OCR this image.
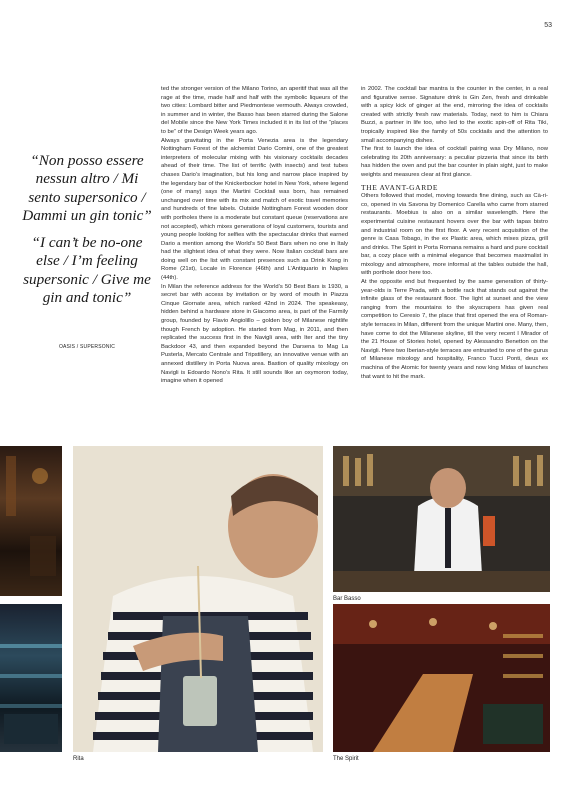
53

“Non posso essere nessun altro / Mi sento supersonico / Dammi un gin tonic”

“I can’t be no-one else / I’m feeling supersonic / Give me gin and tonic”

OASIS / SUPERSONIC

ted the stronger version of the Milano Torino, an aperitif that was all the rage at the time, made half and half with the symbolic liqueurs of the two cities: Lombard bitter and Piedmontese vermouth. Always crowded, in summer and in winter, the Basso has been starred during the Salone del Mobile since the New York Times included it in its list of the “places to be” of the Design Week years ago.

Always gravitating in the Porta Venezia area is the legendary Nottingham Forest of the alchemist Dario Comini, one of the greatest interpreters of molecular mixing with his visionary cocktails decades ahead of their time. The list of terrific (with insects) and test tubes chases Dario’s imagination, but his long and narrow place inspired by the legendary bar of the Knickerbocker hotel in New York, where legend (one of many) says the Martini Cocktail was born, has remained unchanged over time with its mix and match of exotic travel memories and hundreds of fine labels. Outside Nottingham Forest wooden door with portholes there is a moderate but constant queue (reservations are not accepted), which mixes generations of loyal customers, tourists and young people looking for selfies with the spectacular drinks that earned Dario a mention among the World’s 50 Best Bars when no one in Italy had the slightest idea of what they were. Now Italian cocktail bars are doing well on the list with constant presences such as Drink Kong in Rome (21st), Locale in Florence (46th) and L’Antiquario in Naples (44th).

In Milan the reference address for the World’s 50 Best Bars is 1930, a secret bar with access by invitation or by word of mouth in Piazza Cinque Giornate area, which ranked 42nd in 2024. The speakeasy, hidden behind a hardware store in Giacomo area, is part of the Farmily group, founded by Flavio Angiolillo – golden boy of Milanese nightlife though French by adoption. He started from Mag, in 2011, and then replicated the success first in the Navigli area, with Iter and the tiny Backdoor 43, and then expanded beyond the Darsena to Mag La Pusterla, Mercato Centrale and Tripstillery, an innovative venue with an annexed distillery in Porta Nuova area. Bastion of quality mixology on Navigli is Edoardo Nono’s Rita. It still sounds like an oxymoron today, imagine when it opened

in 2002. The cocktail bar mantra is the counter in the center, in a real and figurative sense. Signature drink is Gin Zen, fresh and drinkable with a spicy kick of ginger at the end, mirroring the idea of cocktails created with strictly fresh raw materials. Today, next to him is Chiara Buzzi, a partner in life too, who led to the exotic spin-off of Rita Tiki, tropically inspired like the family of 50s cocktails and the attention to small accompanying dishes.

The first to launch the idea of cocktail pairing was Dry Milano, now celebrating its 20th anniversary: a peculiar pizzeria that since its birth has hidden the oven and put the bar counter in plain sight, just to make weights and measures clear at first glance.

THE AVANT-GARDE

Others followed that model, moving towards fine dining, such as Cà-ri-co, opened in via Savona by Domenico Carella who came from starred restaurants. Moebius is also on a similar wavelength. Here the experimental cuisine restaurant hovers over the bar with tapas bistro and industrial room on the first floor. A very recent acquisition of the genre is Casa Tobago, in the ex Plastic area, which mixes pizza, grill and drinks. The Spirit in Porta Romana remains a hard and pure cocktail bar, a cozy place with a minimal elegance that becomes maximalist in mixology and atmosphere, more informal at the tables outside the hall, with porthole door here too.

At the opposite end but frequented by the same generation of thirty-year-olds is Terre Prada, with a bottle rack that stands out against the infinite glass of the restaurant floor. The light at sunset and the view ranging from the mountains to the skyscrapers has given real competition to Ceresio 7, the place that first opened the era of Roman-style terraces in Milan, different from the unique Martini one. Many, then, have come to dot the Milanese skyline, till the very recent I Mirador of the 21 House of Stories hotel, opened by Alessandro Benetton on the Navigli. Here two Iberian-style terraces are entrusted to one of the gurus of Milanese mixology and hospitality, Franco Tucci Ponti, deus ex machina of the Atomic for twenty years and now king Midas of launches that want to hit the mark.

Rita
Bar Basso
The Spirit
